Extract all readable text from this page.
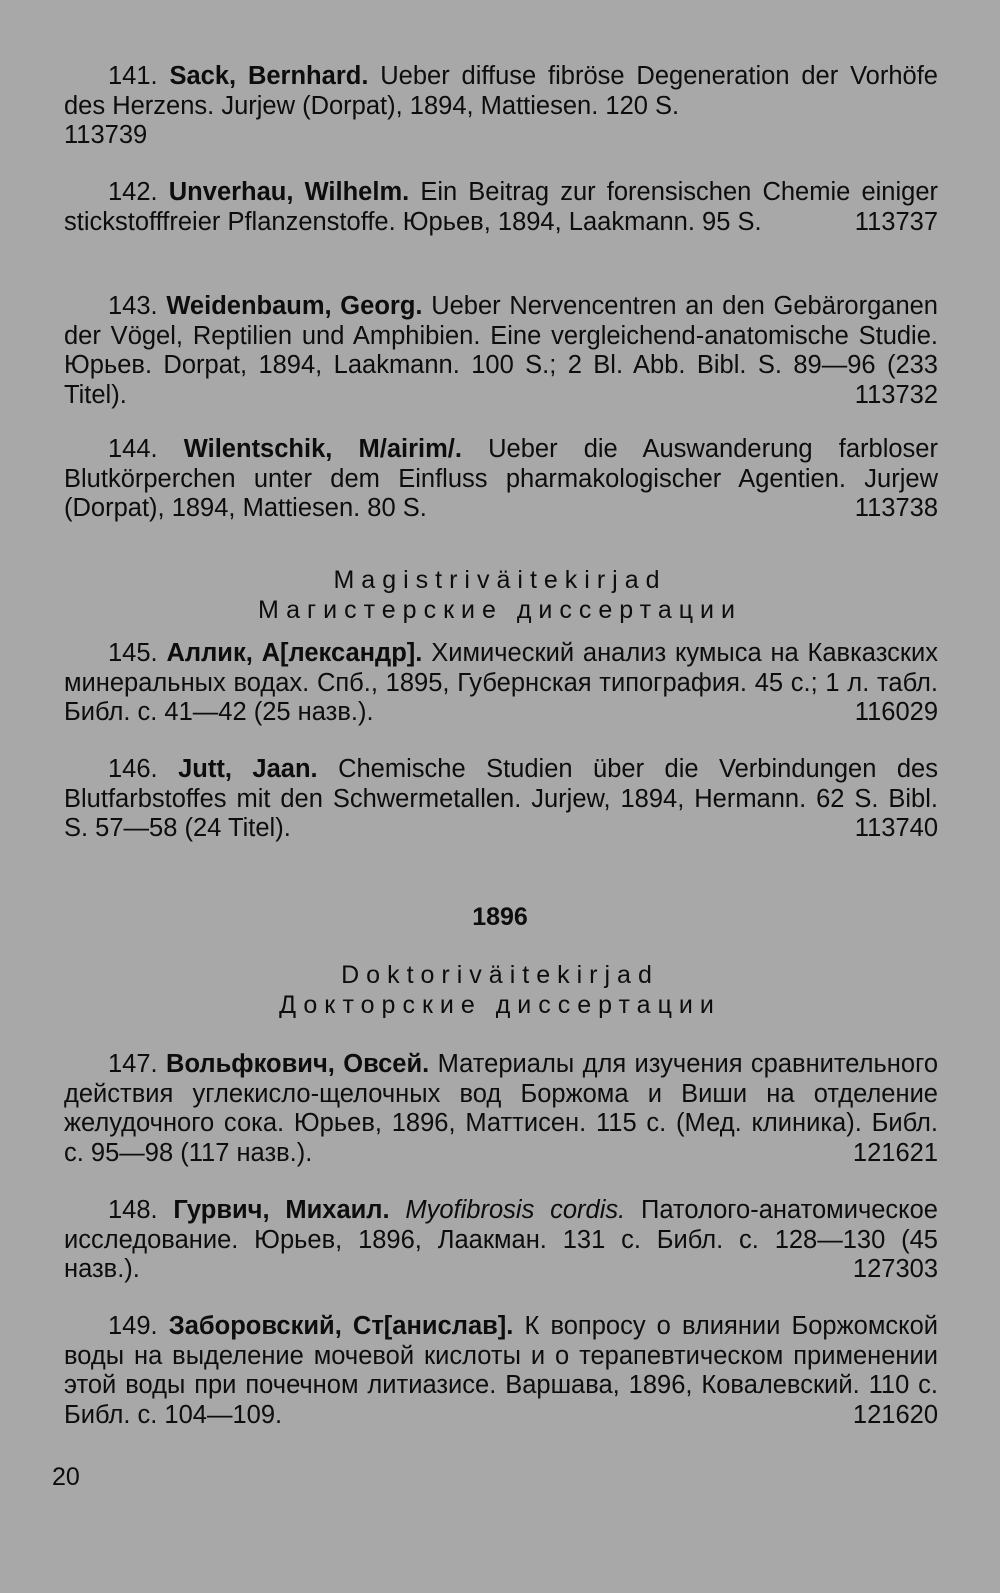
141. Sack, Bernhard. Ueber diffuse fibröse Degeneration der Vorhöfe des Herzens. Jurjew (Dorpat), 1894, Mattiesen. 120 S.
113739
142. Unverhau, Wilhelm. Ein Beitrag zur forensischen Chemie einiger stickstofffreier Pflanzenstoffe. Юрьев, 1894, Laakmann. 95 S.	113737
143. Weidenbaum, Georg. Ueber Nervencentren an den Gebärorganen der Vögel, Reptilien und Amphibien. Eine vergleichend-anatomische Studie. Юрьев. Dorpat, 1894, Laakmann. 100 S.; 2 Bl. Abb. Bibl. S. 89—96 (233 Titel).	113732
144. Wilentschik, M/airim/. Ueber die Auswanderung farbloser Blutkörperchen unter dem Einfluss pharmakologischer Agentien. Jurjew (Dorpat), 1894, Mattiesen. 80 S.	113738
Magistriväitekirjad
Магистерские диссертации
145. Аллик, А[лександр]. Химический анализ кумыса на Кавказских минеральных водах. Спб., 1895, Губернская типография. 45 с.; 1 л. табл. Библ. с. 41—42 (25 назв.).	116029
146. Jutt, Jaan. Chemische Studien über die Verbindungen des Blutfarbstoffes mit den Schwermetallen. Jurjew, 1894, Hermann. 62 S. Bibl. S. 57—58 (24 Titel).	113740
1896
Doktoriväitekirjad
Докторские диссертации
147. Вольфкович, Овсей. Материалы для изучения сравнительного действия углекисло-щелочных вод Боржома и Виши на отделение желудочного сока. Юрьев, 1896, Маттисен. 115 с. (Мед. клиника). Библ. с. 95—98 (117 назв.).	121621
148. Гурвич, Михаил. Myofibrosis cordis. Патолого-анатомическое исследование. Юрьев, 1896, Лаакман. 131 с. Библ. с. 128—130 (45 назв.).	127303
149. Заборовский, Ст[анислав]. К вопросу о влиянии Боржомской воды на выделение мочевой кислоты и о терапевтическом применении этой воды при почечном литиазисе. Варшава, 1896, Ковалевский. 110 с. Библ. с. 104—109.	121620
20
